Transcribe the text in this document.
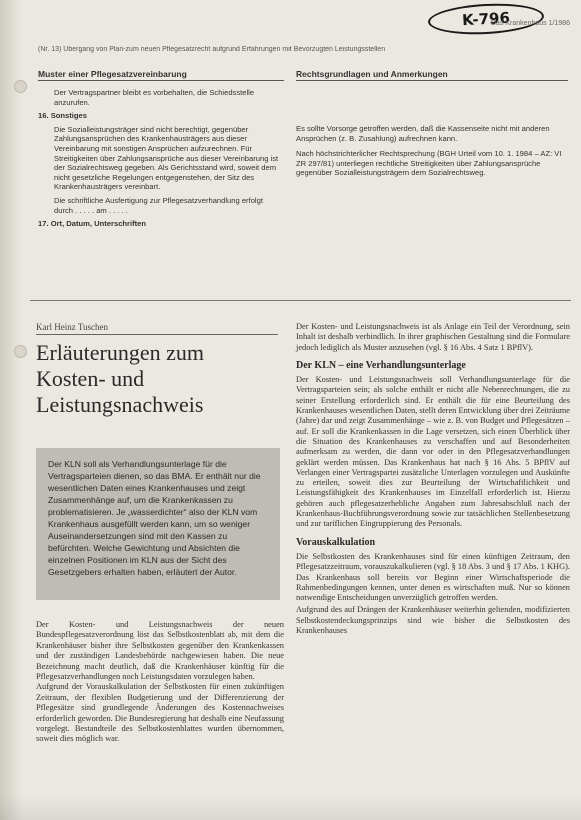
K-796
Das Krankenhaus 1/1986
(Nr. 13) Übergang von Plan-zum neuen Pflegesatzrecht aufgrund Erfahrungen mit Bevorzugten Leistungsstellen
Muster einer Pflegesatzvereinbarung	Rechtsgrundlagen und Anmerkungen

Der Vertragspartner bleibt es vorbehalten, die Schiedsstelle anzurufen.

16. Sonstiges

Die Sozialleistungsträger sind nicht berechtigt, gegenüber Zahlungsansprüchen des Krankenhausträgers aus dieser Vereinbarung mit sonstigen Ansprüchen aufzurechnen. Für Streitigkeiten über Zahlungsansprüche aus dieser Vereinbarung ist der Sozialrechtsweg gegeben. Als Gerichtsstand wird, soweit dem nicht gesetzliche Regelungen entgegenstehen, der Sitz des Krankenhausträgers vereinbart.

Die schriftliche Ausfertigung zur Pflegesatzverhandlung erfolgt durch . . . . . am . . . . .

17. Ort, Datum, Unterschriften

Es sollte Vorsorge getroffen werden, daß die Kassenseite nicht mit anderen Ansprüchen (z. B. Zusahlung) aufrechnen kann.

Nach höchstrichterlicher Rechtsprechung (BGH Urteil vom 10. 1. 1984 – AZ: VI ZR 297/81) unterliegen rechtliche Streitigkeiten über Zahlungsansprüche gegenüber Sozialleistungsträgern dem Sozialrechtsweg.

Karl Heinz Tuschen
Erläuterungen zum
Kosten- und
Leistungsnachweis
Der KLN soll als Verhandlungsunterlage für die Vertragsparteien dienen, so das BMA. Er enthält nur die wesentlichen Daten eines Krankenhauses und zeigt Zusammenhänge auf, um die Krankenkassen zu problematisieren. Je „wasserdichter“ also der KLN vom Krankenhaus ausgefüllt werden kann, um so weniger Auseinandersetzungen sind mit den Kassen zu befürchten. Welche Gewichtung und Absichten die einzelnen Positionen im KLN aus der Sicht des Gesetzgebers erhalten haben, erläutert der Autor.

Der Kosten- und Leistungsnachweis der neuen Bundespflegesatzverordnung löst das Selbstkostenblatt ab, mit dem die Krankenhäuser bisher ihre Selbstkosten gegenüber den Krankenkassen und der zuständigen Landesbehörde nachgewiesen haben. Die neue Bezeichnung macht deutlich, daß die Krankenhäuser künftig für die Pflegesatzverhandlungen noch Leistungsdaten vorzulegen haben.

Aufgrund der Vorauskalkulation der Selbstkosten für einen zukünftigen Zeitraum, der flexiblen Budgetierung und der Differenzierung der Pflegesätze sind grundlegende Änderungen des Kostennachweises erforderlich geworden. Die Bundesregierung hat deshalb eine Neufassung vorgelegt. Bestandteile des Selbstkostenblattes wurden übernommen, soweit dies möglich war.

Der Kosten- und Leistungsnachweis ist als Anlage ein Teil der Verordnung, sein Inhalt ist deshalb verbindlich. In ihrer graphischen Gestaltung sind die Formulare jedoch lediglich als Muster anzusehen (vgl. § 16 Abs. 4 Satz 1 BPflV).

Der KLN – eine Verhandlungsunterlage

Der Kosten- und Leistungsnachweis soll Verhandlungsunterlage für die Vertragsparteien sein; als solche enthält er nicht alle Nebenrechnungen, die zu seiner Erstellung erforderlich sind. Er enthält die für eine Beurteilung des Krankenhauses wesentlichen Daten, stellt deren Entwicklung über drei Zeiträume (Jahre) dar und zeigt Zusammenhänge – wie z. B. von Budget und Pflegesätzen – auf. Er soll die Krankenkassen in die Lage versetzen, sich einen Überblick über die Situation des Krankenhauses zu verschaffen und auf Besonderheiten aufmerksam zu werden, die dann vor oder in den Pflegesatzverhandlungen geklärt werden müssen. Das Krankenhaus hat nach § 16 Abs. 5 BPflV auf Verlangen einer Vertragspartei zusätzliche Unterlagen vorzulegen und Auskünfte zu erteilen, soweit dies zur Beurteilung der Wirtschaftlichkeit und Leistungsfähigkeit des Krankenhauses im Einzelfall erforderlich ist. Hierzu gehören auch pflegesatzerhebliche Angaben zum Jahresabschluß nach der Krankenhaus-Buchführungsverordnung sowie zur tatsächlichen Stellenbesetzung und zur tariflichen Eingruppierung des Personals.

Vorauskalkulation

Die Selbstkosten des Krankenhauses sind für einen künftigen Zeitraum, den Pflegesatzzeitraum, vorauszukalkulieren (vgl. § 18 Abs. 3 und § 17 Abs. 1 KHG). Das Krankenhaus soll bereits vor Beginn einer Wirtschaftsperiode die Rahmenbedingungen kennen, unter denen es wirtschaften muß. Nur so können notwendige Entscheidungen unverzüglich getroffen werden.

Aufgrund des auf Drängen der Krankenhäuser weiterhin geltenden, modifizierten Selbstkostendeckungsprinzips sind wie bisher die Selbstkosten des Krankenhauses
